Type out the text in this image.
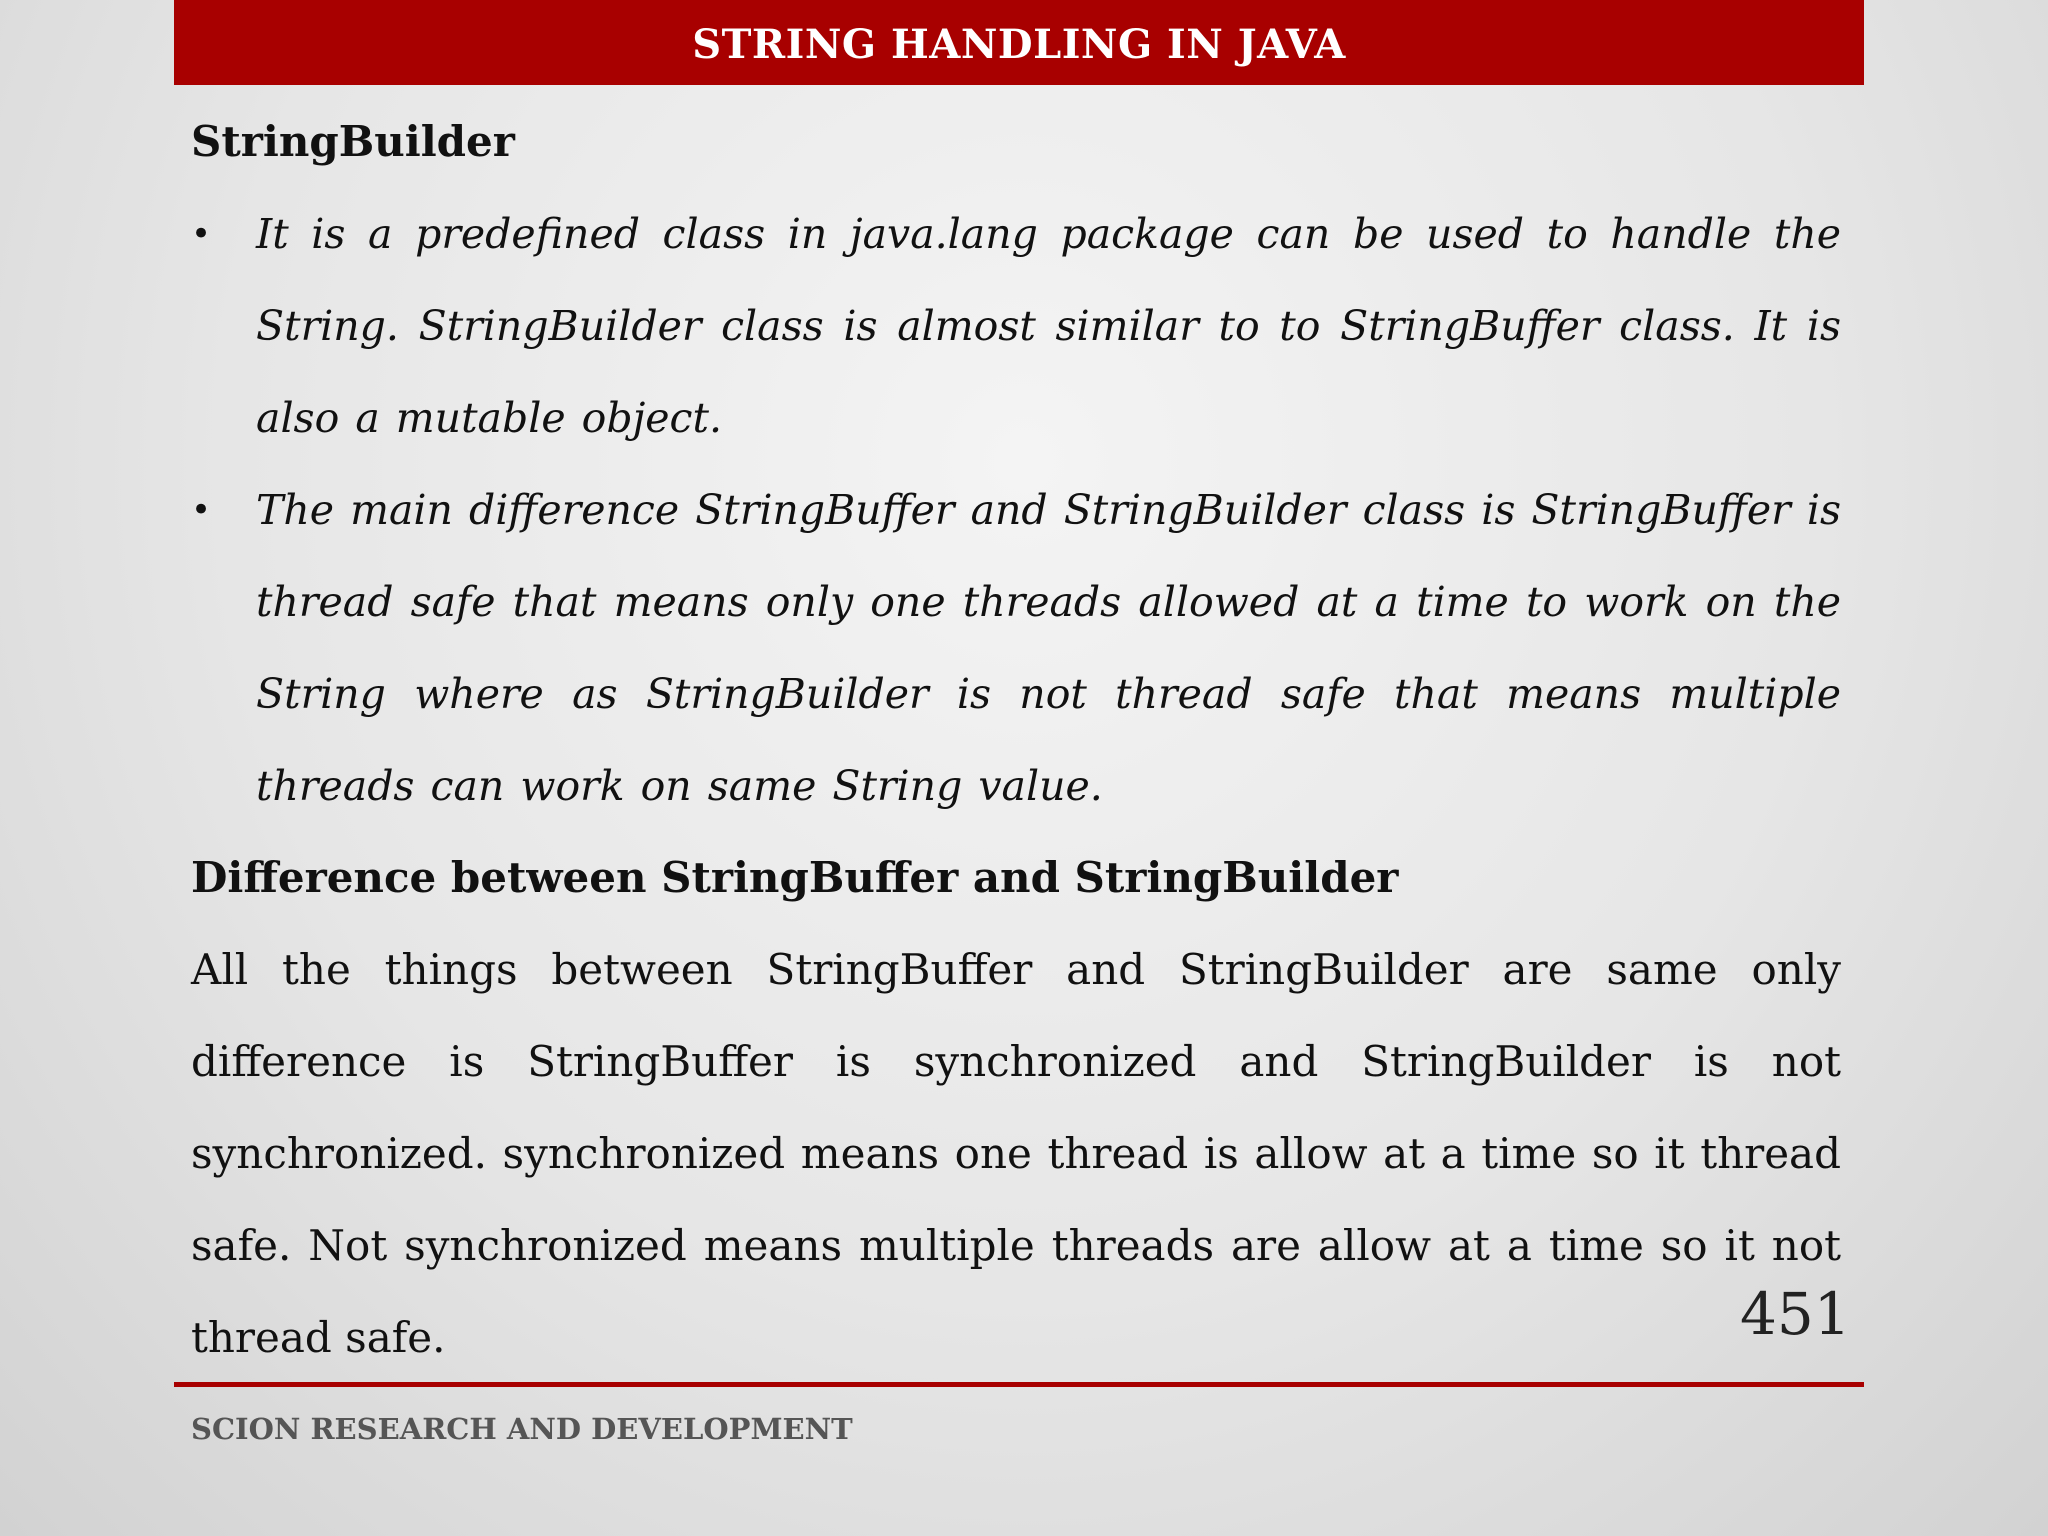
STRING HANDLING IN JAVA

StringBuilder

• It is a predefined class in java.lang package can be used to handle the String. StringBuilder class is almost similar to to StringBuffer class. It is also a mutable object.
• The main difference StringBuffer and StringBuilder class is StringBuffer is thread safe that means only one threads allowed at a time to work on the String where as StringBuilder is not thread safe that means multiple threads can work on same String value.

Difference between StringBuffer and StringBuilder

All the things between StringBuffer and StringBuilder are same only difference is StringBuffer is synchronized and StringBuilder is not synchronized. synchronized means one thread is allow at a time so it thread safe. Not synchronized means multiple threads are allow at a time so it not thread safe.	451
SCION RESEARCH AND DEVELOPMENT
